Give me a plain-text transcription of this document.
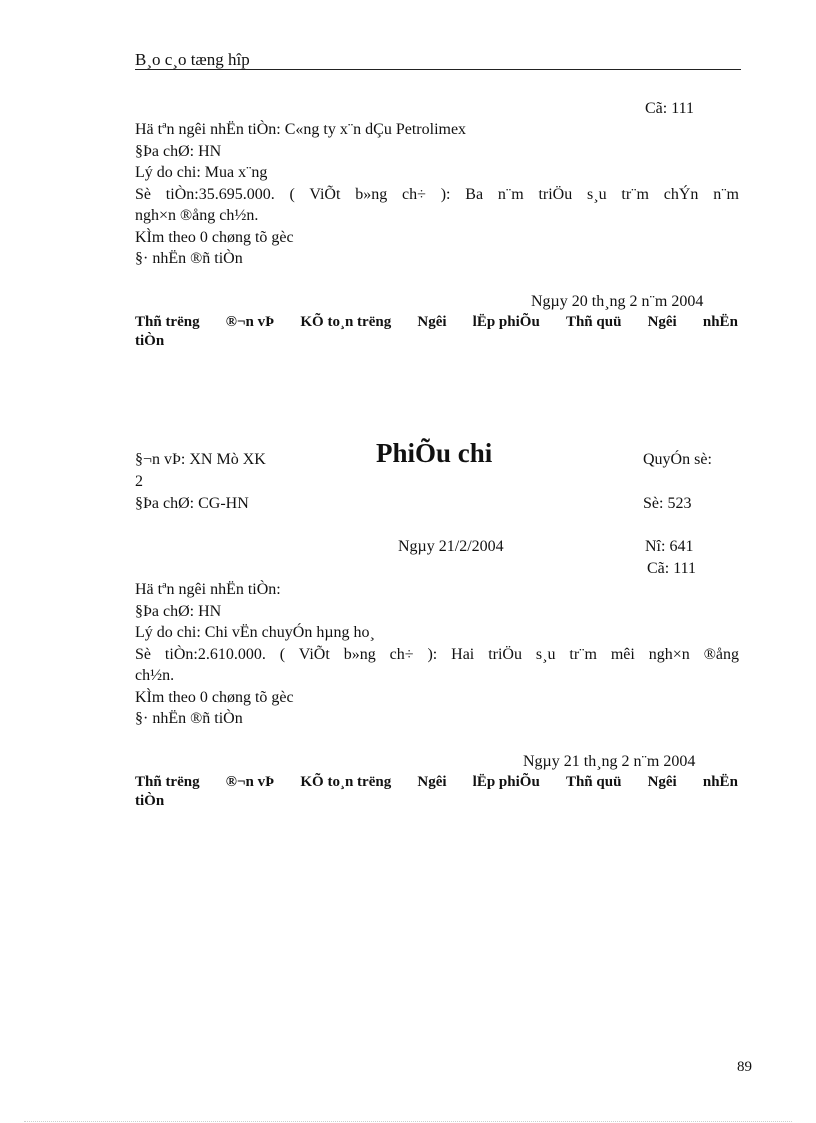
B¸o c¸o tæng hîp
Cã: 111
Hä tªn ngêi nhËn tiÒn: C«ng ty x¨n dÇu Petrolimex
§Þa chØ: HN
Lý do chi: Mua x¨ng
Sè tiÒn:35.695.000. ( ViÕt b»ng ch÷ ): Ba n¨m triÖu s¸u tr¨m chÝn n¨m
ngh×n ®ång ch½n.
KÌm theo 0 chøng tõ gèc
§· nhËn ®ñ tiÒn
Ngµy 20 th¸ng 2 n¨m 2004
Thñ trëng ®¬n vÞ KÕ to¸n trëng Ngêi lËp phiÕu Thñ quü Ngêi nhËn
tiÒn
§¬n vÞ: XN Mò XK	PhiÕu chi	QuyÓn sè:
2
§Þa chØ: CG-HN	Sè: 523
Ngµy 21/2/2004	Nî: 641
Cã: 111
Hä tªn ngêi nhËn tiÒn:
§Þa chØ: HN
Lý do chi: Chi vËn chuyÓn hµng ho¸
Sè tiÒn:2.610.000. ( ViÕt b»ng ch÷ ): Hai triÖu s¸u tr¨m mêi ngh×n ®ång
ch½n.
KÌm theo 0 chøng tõ gèc
§· nhËn ®ñ tiÒn
Ngµy 21 th¸ng 2 n¨m 2004
Thñ trëng ®¬n vÞ KÕ to¸n trëng Ngêi lËp phiÕu Thñ quü Ngêi nhËn
tiÒn
89
